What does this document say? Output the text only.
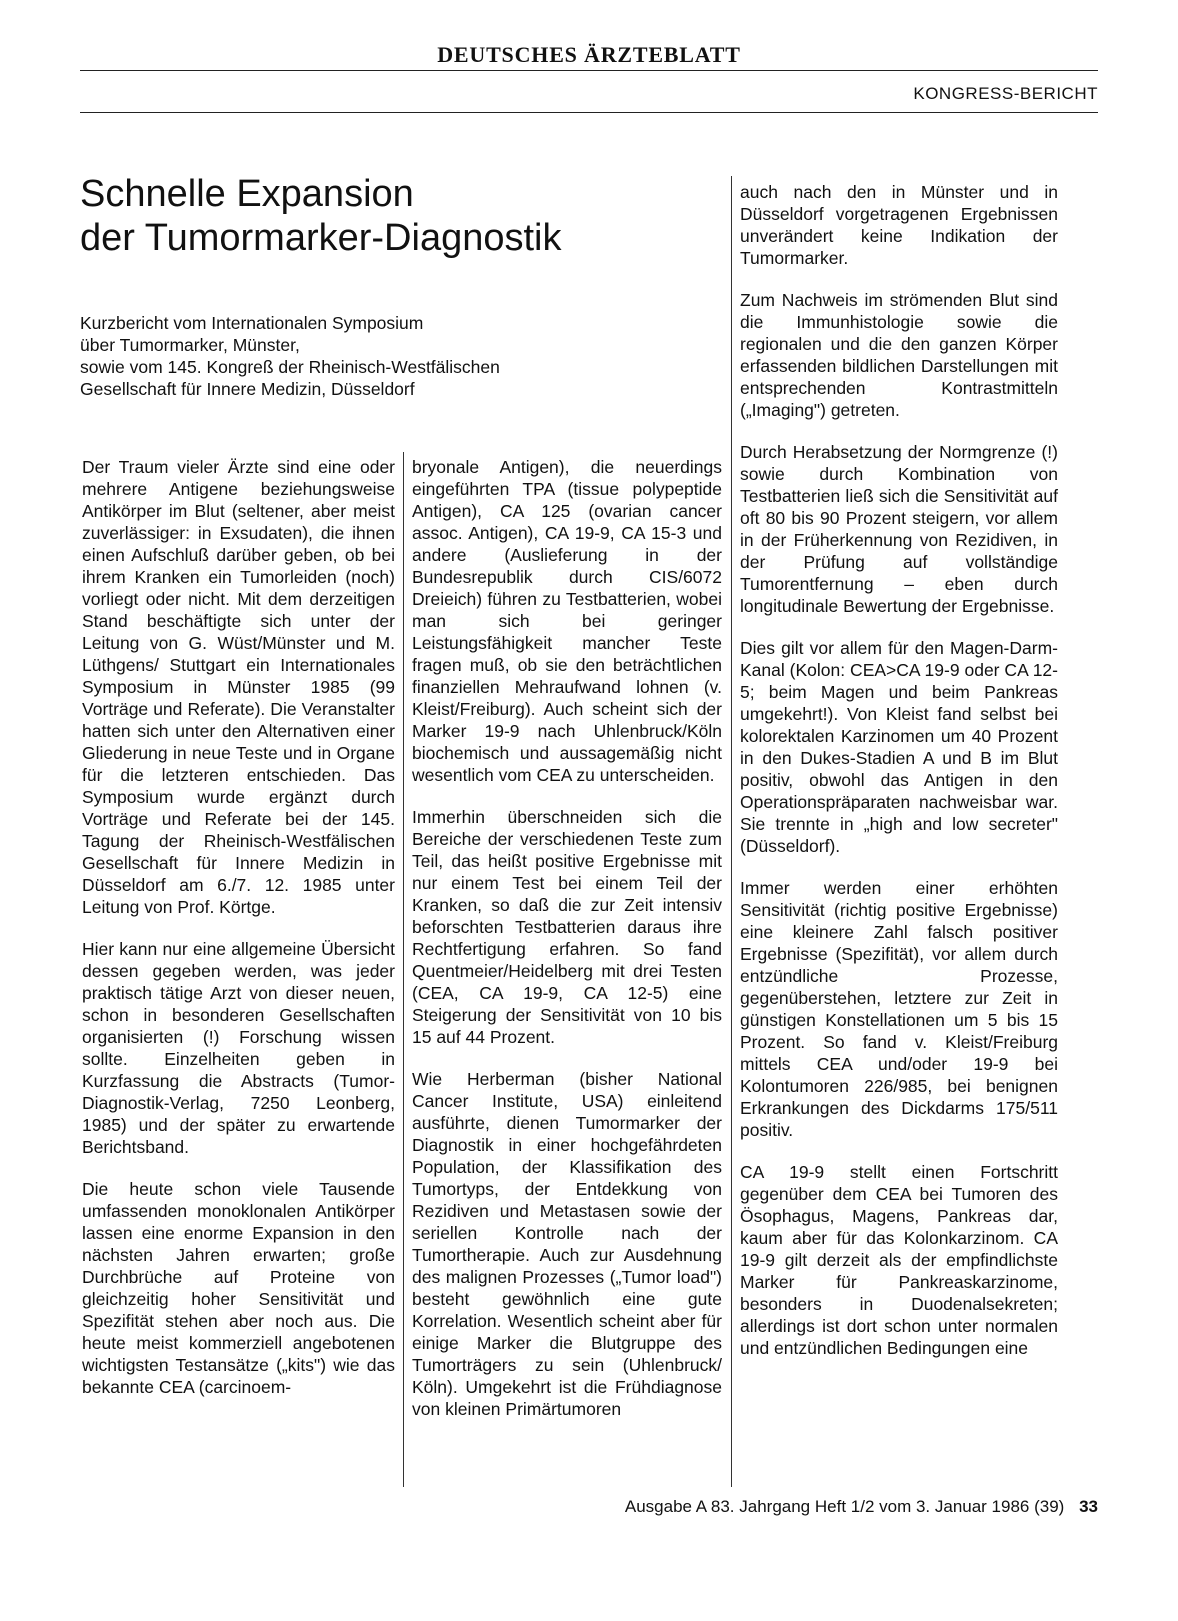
DEUTSCHES ÄRZTEBLATT
KONGRESS-BERICHT
Schnelle Expansion
der Tumormarker-Diagnostik
Kurzbericht vom Internationalen Symposium
über Tumormarker, Münster,
sowie vom 145. Kongreß der Rheinisch-Westfälischen
Gesellschaft für Innere Medizin, Düsseldorf

Der Traum vieler Ärzte sind eine oder mehrere Antigene beziehungsweise Antikörper im Blut (seltener, aber meist zuverlässiger: in Exsudaten), die ihnen einen Aufschluß darüber geben, ob bei ihrem Kranken ein Tumorleiden (noch) vorliegt oder nicht. Mit dem derzeitigen Stand beschäftigte sich unter der Leitung von G. Wüst/Münster und M. Lüthgens/ Stuttgart ein Internationales Symposium in Münster 1985 (99 Vorträge und Referate). Die Veranstalter hatten sich unter den Alternativen einer Gliederung in neue Teste und in Organe für die letzteren entschieden. Das Symposium wurde ergänzt durch Vorträge und Referate bei der 145. Tagung der Rheinisch-Westfälischen Gesellschaft für Innere Medizin in Düsseldorf am 6./7. 12. 1985 unter Leitung von Prof. Körtge.

Hier kann nur eine allgemeine Übersicht dessen gegeben werden, was jeder praktisch tätige Arzt von dieser neuen, schon in besonderen Gesellschaften organisierten (!) Forschung wissen sollte. Einzelheiten geben in Kurzfassung die Abstracts (Tumor-Diagnostik-Verlag, 7250 Leonberg, 1985) und der später zu erwartende Berichtsband.

Die heute schon viele Tausende umfassenden monoklonalen Antikörper lassen eine enorme Expansion in den nächsten Jahren erwarten; große Durchbrüche auf Proteine von gleichzeitig hoher Sensitivität und Spezifität stehen aber noch aus. Die heute meist kommerziell angebotenen wichtigsten Testansätze („kits") wie das bekannte CEA (carcinoem-

bryonale Antigen), die neuerdings eingeführten TPA (tissue polypeptide Antigen), CA 125 (ovarian cancer assoc. Antigen), CA 19-9, CA 15-3 und andere (Auslieferung in der Bundesrepublik durch CIS/6072 Dreieich) führen zu Testbatterien, wobei man sich bei geringer Leistungsfähigkeit mancher Teste fragen muß, ob sie den beträchtlichen finanziellen Mehraufwand lohnen (v. Kleist/Freiburg). Auch scheint sich der Marker 19-9 nach Uhlenbruck/Köln biochemisch und aussagemäßig nicht wesentlich vom CEA zu unterscheiden.

Immerhin überschneiden sich die Bereiche der verschiedenen Teste zum Teil, das heißt positive Ergebnisse mit nur einem Test bei einem Teil der Kranken, so daß die zur Zeit intensiv beforschten Testbatterien daraus ihre Rechtfertigung erfahren. So fand Quentmeier/Heidelberg mit drei Testen (CEA, CA 19-9, CA 12-5) eine Steigerung der Sensitivität von 10 bis 15 auf 44 Prozent.

Wie Herberman (bisher National Cancer Institute, USA) einleitend ausführte, dienen Tumormarker der Diagnostik in einer hochgefährdeten Population, der Klassifikation des Tumortyps, der Entdekkung von Rezidiven und Metastasen sowie der seriellen Kontrolle nach der Tumortherapie. Auch zur Ausdehnung des malignen Prozesses („Tumor load") besteht gewöhnlich eine gute Korrelation. Wesentlich scheint aber für einige Marker die Blutgruppe des Tumorträgers zu sein (Uhlenbruck/ Köln). Umgekehrt ist die Frühdiagnose von kleinen Primärtumoren

auch nach den in Münster und in Düsseldorf vorgetragenen Ergebnissen unverändert keine Indikation der Tumormarker.

Zum Nachweis im strömenden Blut sind die Immunhistologie sowie die regionalen und die den ganzen Körper erfassenden bildlichen Darstellungen mit entsprechenden Kontrastmitteln („Imaging") getreten.

Durch Herabsetzung der Normgrenze (!) sowie durch Kombination von Testbatterien ließ sich die Sensitivität auf oft 80 bis 90 Prozent steigern, vor allem in der Früherkennung von Rezidiven, in der Prüfung auf vollständige Tumorentfernung – eben durch longitudinale Bewertung der Ergebnisse.

Dies gilt vor allem für den Magen-Darm-Kanal (Kolon: CEA>CA 19-9 oder CA 12-5; beim Magen und beim Pankreas umgekehrt!). Von Kleist fand selbst bei kolorektalen Karzinomen um 40 Prozent in den Dukes-Stadien A und B im Blut positiv, obwohl das Antigen in den Operationspräparaten nachweisbar war. Sie trennte in „high and low secreter" (Düsseldorf).

Immer werden einer erhöhten Sensitivität (richtig positive Ergebnisse) eine kleinere Zahl falsch positiver Ergebnisse (Spezifität), vor allem durch entzündliche Prozesse, gegenüberstehen, letztere zur Zeit in günstigen Konstellationen um 5 bis 15 Prozent. So fand v. Kleist/Freiburg mittels CEA und/oder 19-9 bei Kolontumoren 226/985, bei benignen Erkrankungen des Dickdarms 175/511 positiv.

CA 19-9 stellt einen Fortschritt gegenüber dem CEA bei Tumoren des Ösophagus, Magens, Pankreas dar, kaum aber für das Kolonkarzinom. CA 19-9 gilt derzeit als der empfindlichste Marker für Pankreaskarzinome, besonders in Duodenalsekreten; allerdings ist dort schon unter normalen und entzündlichen Bedingungen eine

Ausgabe A 83. Jahrgang Heft 1/2 vom 3. Januar 1986 (39) 33
